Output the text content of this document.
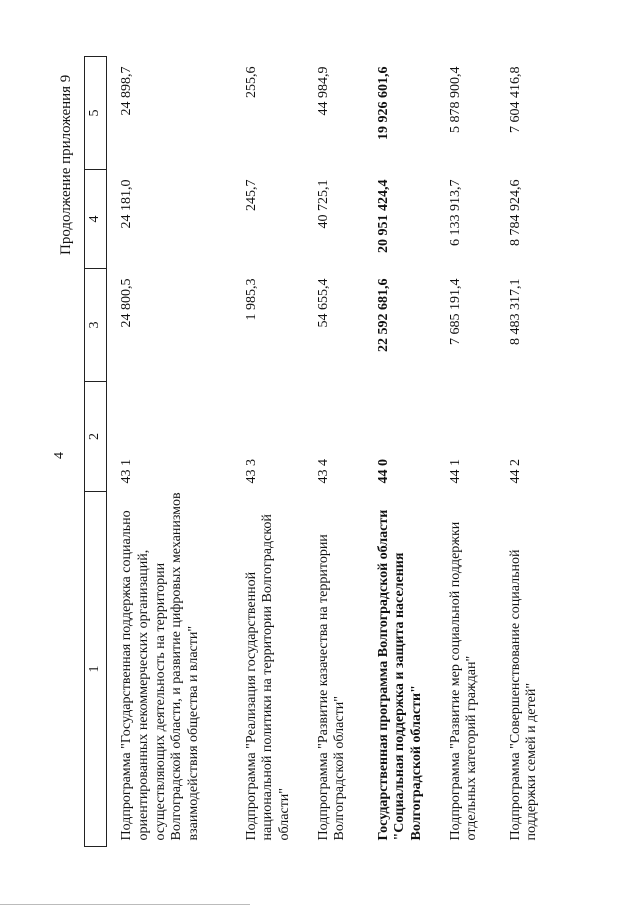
4
Продолжение приложения 9
1	2	3	4	5
Подпрограмма "Государственная поддержка социально ориентированных некоммерческих организаций, осуществляющих деятельность на территории Волгоградской области, и развитие цифровых механизмов взаимодействия общества и власти"	43 1	24 800,5	24 181,0	24 898,7
Подпрограмма "Реализация государственной национальной политики на территории Волгоградской области"	43 3	1 985,3	245,7	255,6
Подпрограмма "Развитие казачества на территории Волгоградской области"	43 4	54 655,4	40 725,1	44 984,9
Государственная программа Волгоградской области "Социальная поддержка и защита населения Волгоградской области"	44 0	22 592 681,6	20 951 424,4	19 926 601,6
Подпрограмма "Развитие мер социальной поддержки отдельных категорий граждан"	44 1	7 685 191,4	6 133 913,7	5 878 900,4
Подпрограмма "Совершенствование социальной поддержки семей и детей"	44 2	8 483 317,1	8 784 924,6	7 604 416,8
